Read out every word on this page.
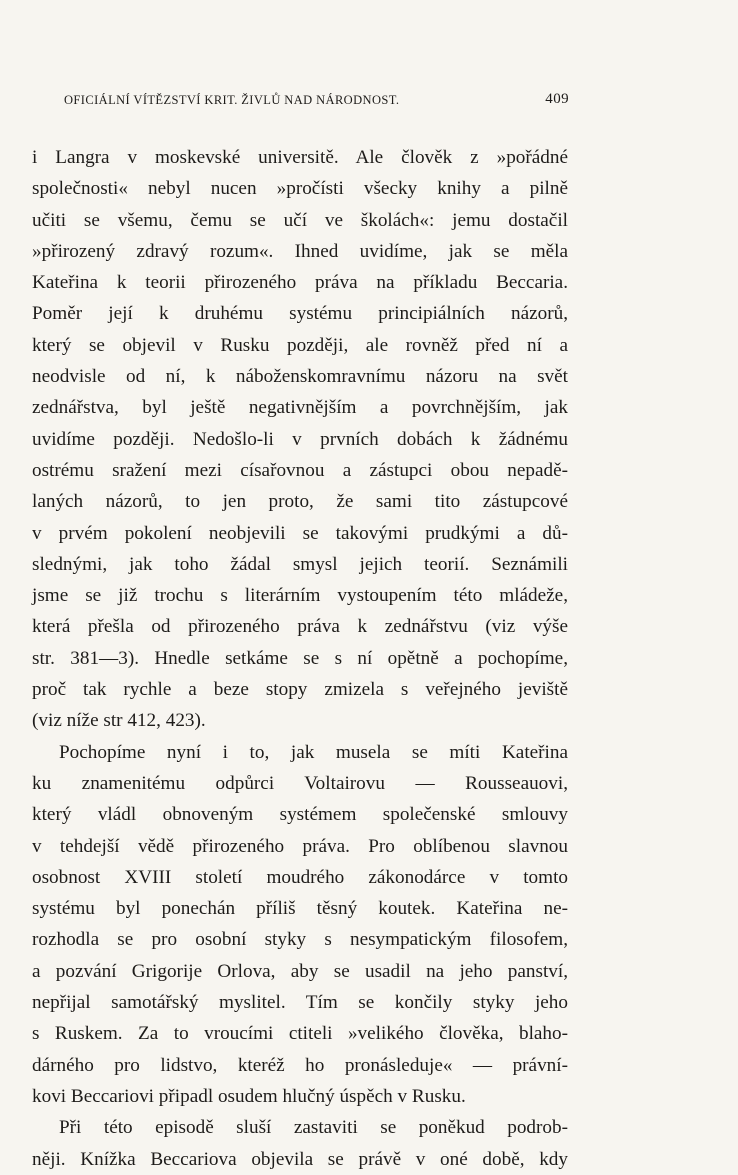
OFICIÁLNÍ VÍTĚZSTVÍ KRIT. ŽIVLŮ NAD NÁRODNOST.	409
i Langra v moskevské universitě. Ale člověk z »pořádné
společnosti« nebyl nucen »pročísti všecky knihy a pilně
učiti se všemu, čemu se učí ve školách«: jemu dostačil
»přirozený zdravý rozum«. Ihned uvidíme, jak se měla
Kateřina k teorii přirozeného práva na příkladu Beccaria.
Poměr její k druhému systému principiálních názorů,
který se objevil v Rusku později, ale rovněž před ní a
neodvisle od ní, k náboženskomravnímu názoru na svět
zednářstva, byl ještě negativnějším a povrchnějším, jak
uvidíme později. Nedošlo-li v prvních dobách k žádnému
ostrému sražení mezi císařovnou a zástupci obou nepadě-
laných názorů, to jen proto, že sami tito zástupcové
v prvém pokolení neobjevili se takovými prudkými a dů-
slednými, jak toho žádal smysl jejich teorií. Seznámili
jsme se již trochu s literárním vystoupením této mládeže,
která přešla od přirozeného práva k zednářstvu (viz výše
str. 381—3). Hnedle setkáme se s ní opětně a pochopíme,
proč tak rychle a beze stopy zmizela s veřejného jeviště
(viz níže str 412, 423).
Pochopíme nyní i to, jak musela se míti Kateřina
ku znamenitému odpůrci Voltairovu — Rousseauovi,
který vládl obnoveným systémem společenské smlouvy
v tehdejší vědě přirozeného práva. Pro oblíbenou slavnou
osobnost XVIII století moudrého zákonodárce v tomto
systému byl ponechán příliš těsný koutek. Kateřina ne-
rozhodla se pro osobní styky s nesympatickým filosofem,
a pozvání Grigorije Orlova, aby se usadil na jeho panství,
nepřijal samotářský myslitel. Tím se končily styky jeho
s Ruskem. Za to vroucími ctiteli »velikého člověka, blaho-
dárného pro lidstvo, kteréž ho pronásleduje« — právní-
kovi Beccariovi připadl osudem hlučný úspěch v Rusku.
Při této episodě sluší zastaviti se poněkud podrob-
něji. Knížka Beccariova objevila se právě v oné době, kdy
